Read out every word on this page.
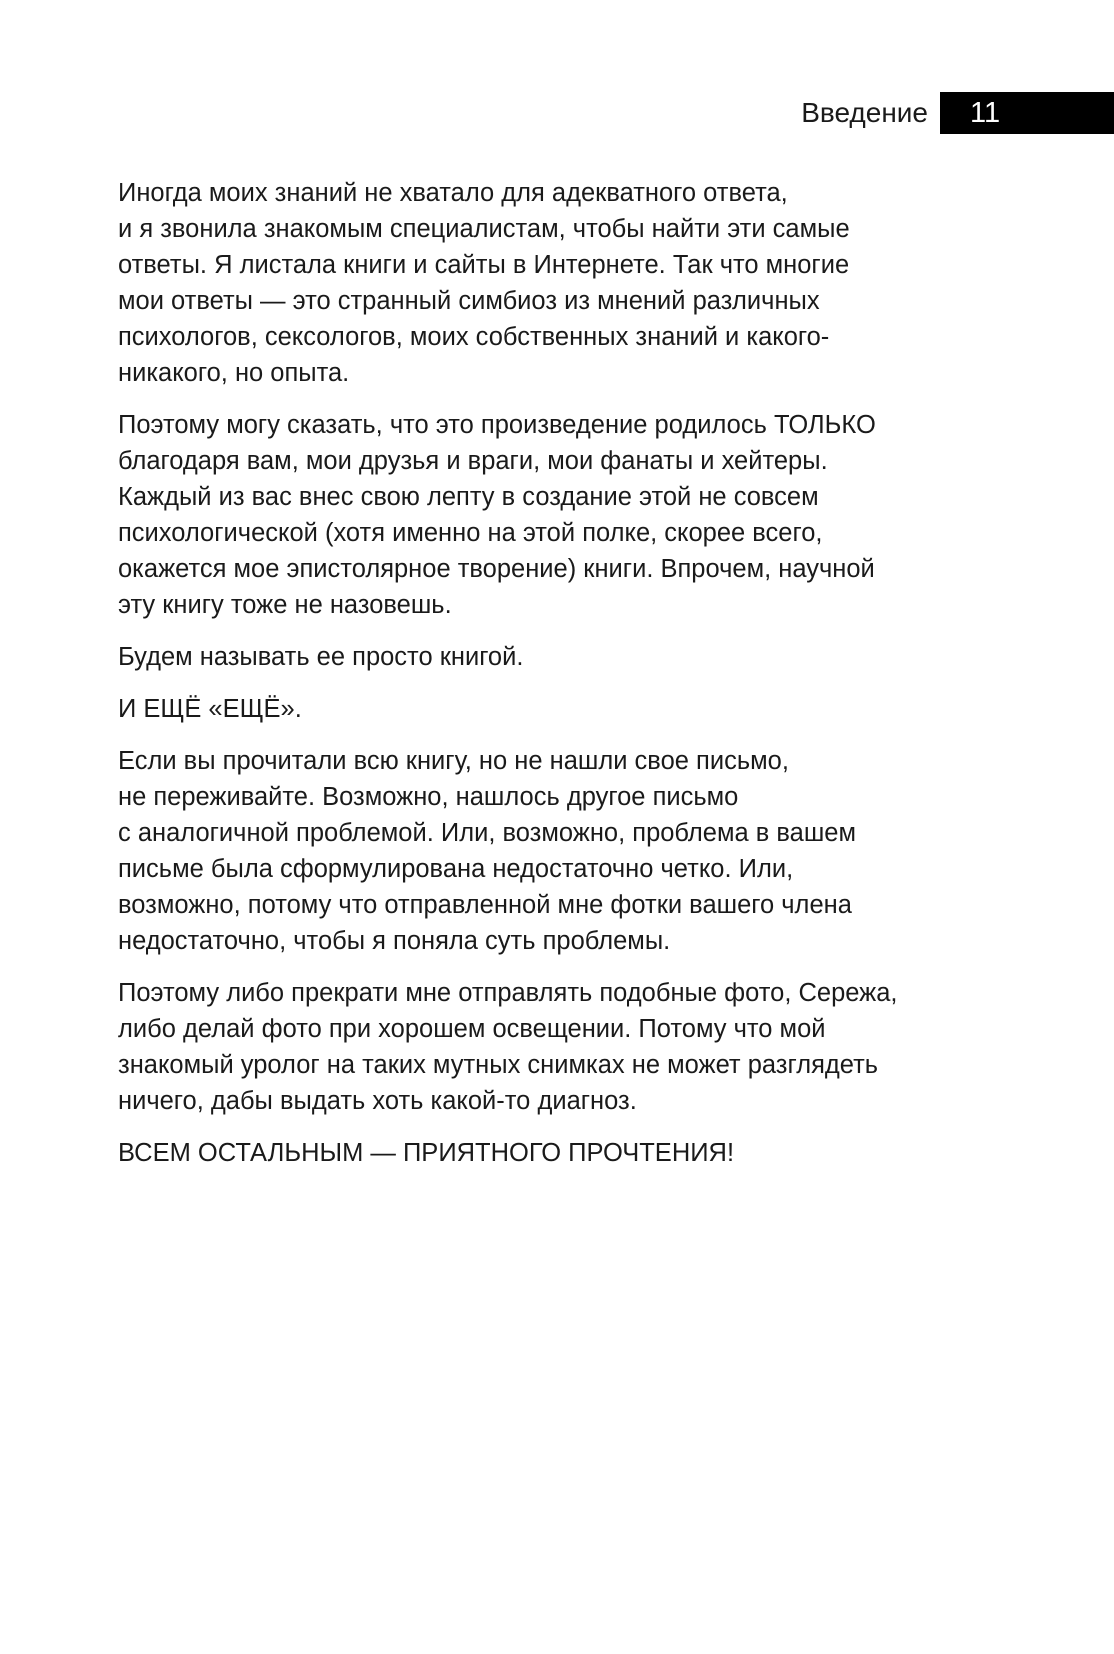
Введение 11

Иногда моих знаний не хватало для адекватного ответа,
и я звонила знакомым специалистам, чтобы найти эти самые
ответы. Я листала книги и сайты в Интернете. Так что многие
мои ответы — это странный симбиоз из мнений различных
психологов, сексологов, моих собственных знаний и какого-
никакого, но опыта.

Поэтому могу сказать, что это произведение родилось ТОЛЬКО
благодаря вам, мои друзья и враги, мои фанаты и хейтеры.
Каждый из вас внес свою лепту в создание этой не совсем
психологической (хотя именно на этой полке, скорее всего,
окажется мое эпистолярное творение) книги. Впрочем, научной
эту книгу тоже не назовешь.

Будем называть ее просто книгой.

И ЕЩЁ «ЕЩЁ».

Если вы прочитали всю книгу, но не нашли свое письмо,
не переживайте. Возможно, нашлось другое письмо
с аналогичной проблемой. Или, возможно, проблема в вашем
письме была сформулирована недостаточно четко. Или,
возможно, потому что отправленной мне фотки вашего члена
недостаточно, чтобы я поняла суть проблемы.

Поэтому либо прекрати мне отправлять подобные фото, Сережа,
либо делай фото при хорошем освещении. Потому что мой
знакомый уролог на таких мутных снимках не может разглядеть
ничего, дабы выдать хоть какой-то диагноз.

ВСЕМ ОСТАЛЬНЫМ — ПРИЯТНОГО ПРОЧТЕНИЯ!
